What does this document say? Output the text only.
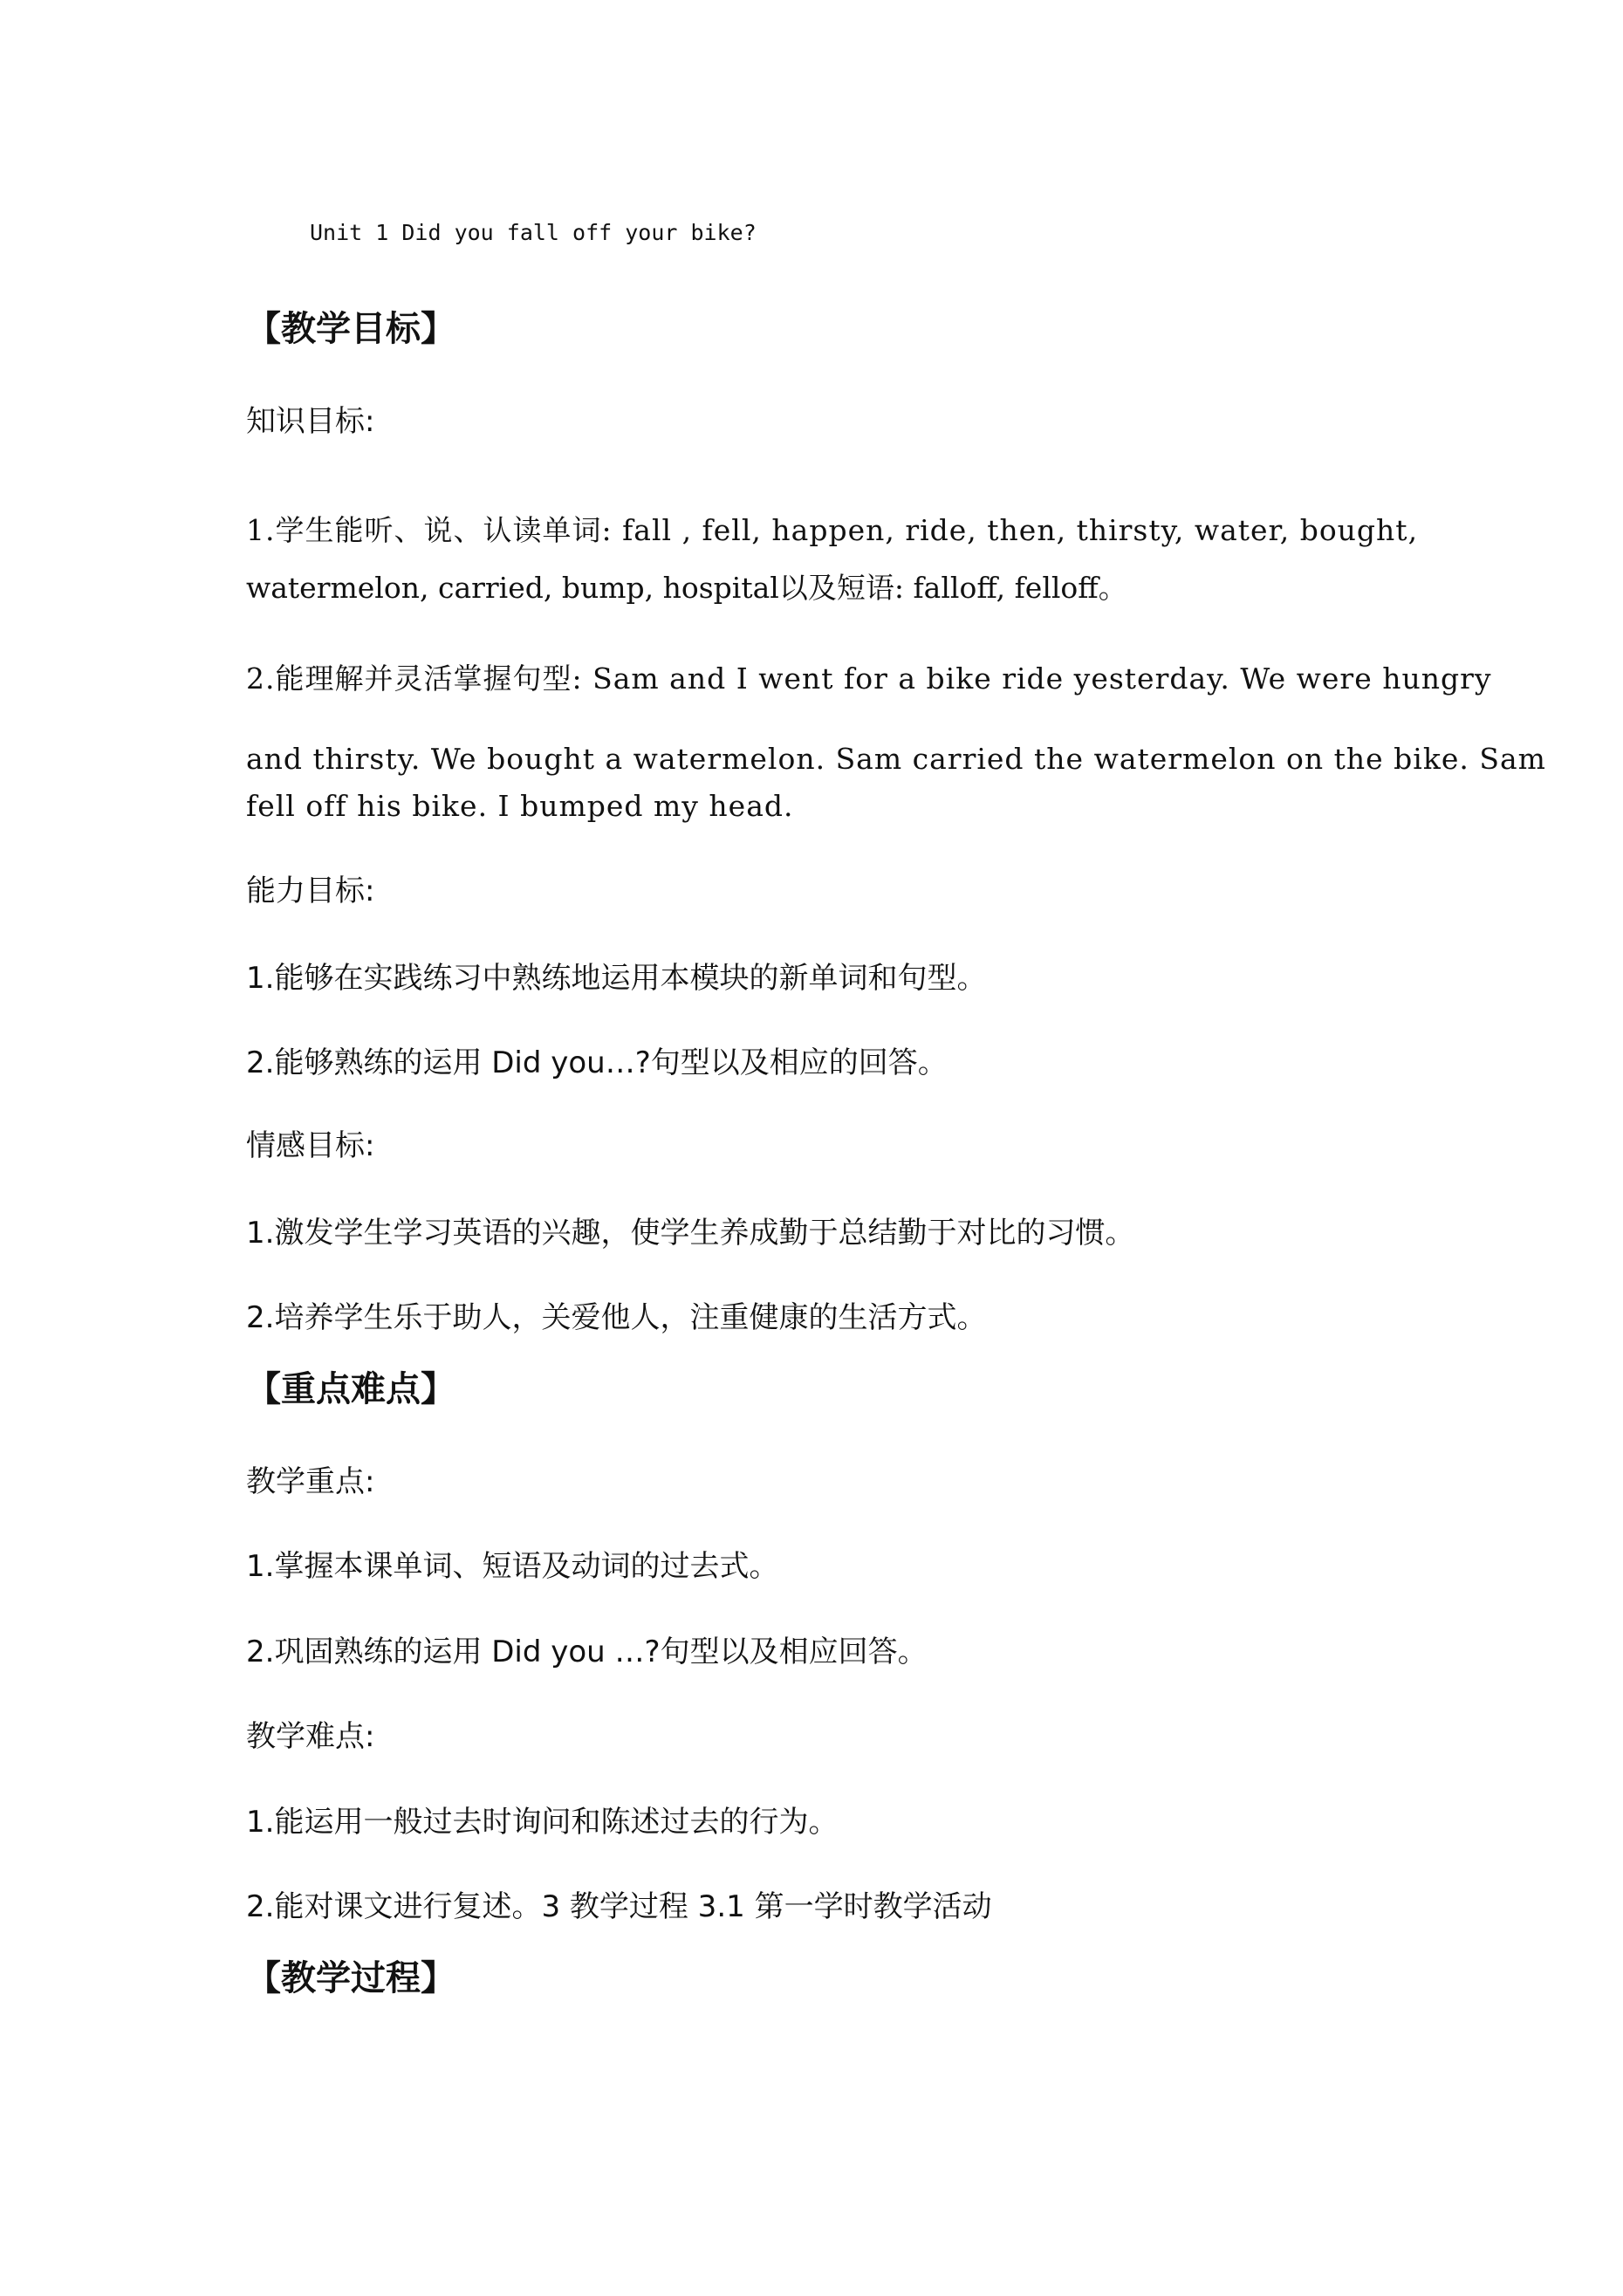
Unit 1 Did you fall off your bike?
【教学目标】
知识目标:
1.学生能听、说、认读单词: fall , fell, happen, ride, then, thirsty, water, bought,
watermelon, carried, bump, hospital以及短语: falloff, felloff。
2.能理解并灵活掌握句型: Sam and I went for a bike ride yesterday. We were hungry
and thirsty. We bought a watermelon. Sam carried the watermelon on the bike. Sam
fell off his bike. I bumped my head.
能力目标:
1.能够在实践练习中熟练地运用本模块的新单词和句型。
2.能够熟练的运用 Did you…?句型以及相应的回答。
情感目标:
1.激发学生学习英语的兴趣，使学生养成勤于总结勤于对比的习惯。
2.培养学生乐于助人，关爱他人，注重健康的生活方式。
【重点难点】
教学重点:
1.掌握本课单词、短语及动词的过去式。
2.巩固熟练的运用 Did you …?句型以及相应回答。
教学难点:
1.能运用一般过去时询问和陈述过去的行为。
2.能对课文进行复述。3 教学过程 3.1 第一学时教学活动
【教学过程】
